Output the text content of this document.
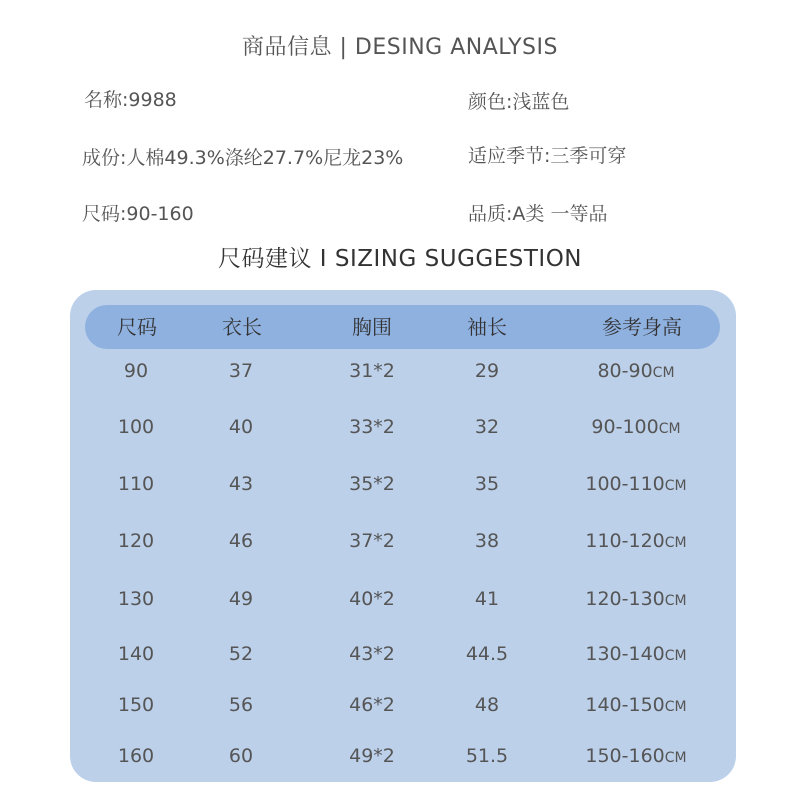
商品信息 | DESING ANALYSIS
名称:9988	颜色:浅蓝色
成份:人棉49.3%涤纶27.7%尼龙23%	适应季节:三季可穿
尺码:90-160	品质:A类 一等品
尺码建议 I SIZING SUGGESTION
尺码	衣长	胸围	袖长	参考身高
90	37	31*2	29	80-90CM
100	40	33*2	32	90-100CM
110	43	35*2	35	100-110CM
120	46	37*2	38	110-120CM
130	49	40*2	41	120-130CM
140	52	43*2	44.5	130-140CM
150	56	46*2	48	140-150CM
160	60	49*2	51.5	150-160CM
